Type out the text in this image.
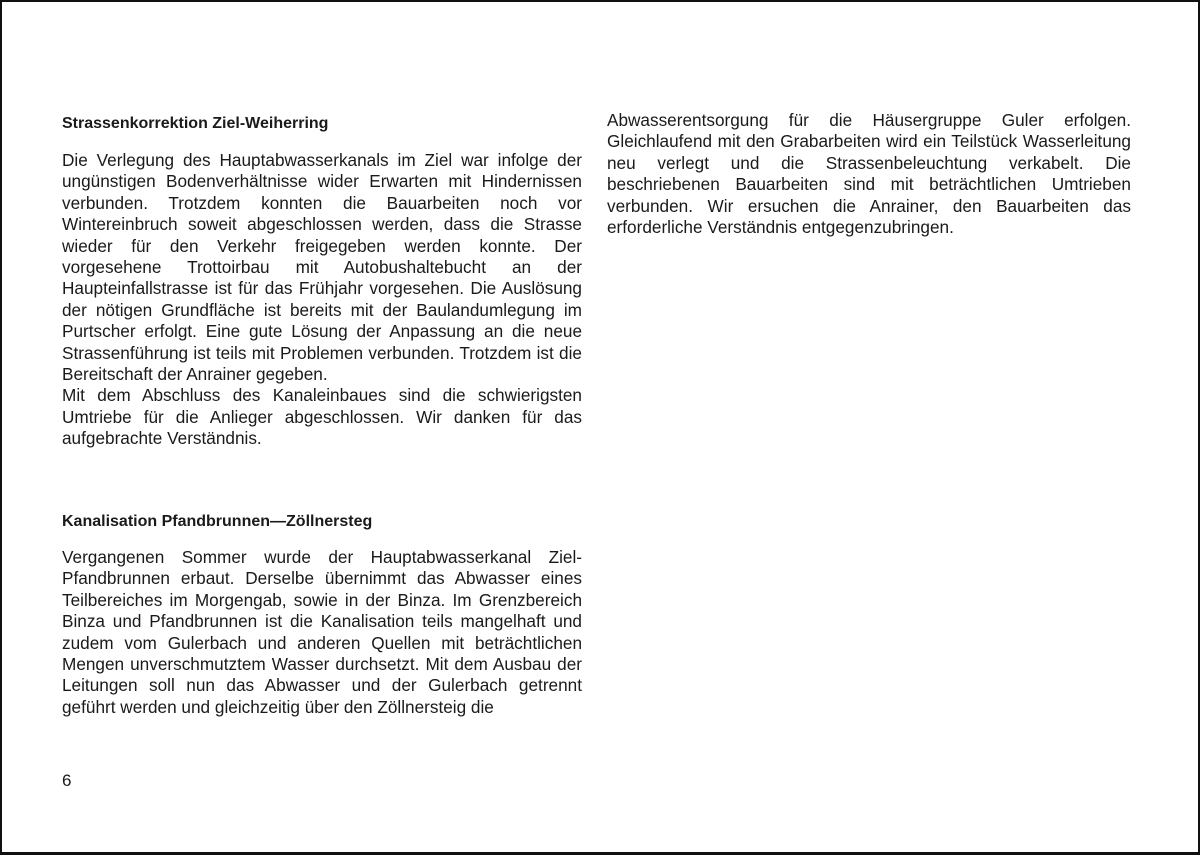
Strassenkorrektion Ziel-Weiherring

Die Verlegung des Hauptabwasserkanals im Ziel war infolge der ungünstigen Bodenverhältnisse wider Erwarten mit Hindernissen verbunden. Trotzdem konnten die Bauarbeiten noch vor Wintereinbruch soweit abgeschlossen werden, dass die Strasse wieder für den Verkehr freigegeben werden konnte. Der vorgesehene Trottoirbau mit Autobushaltebucht an der Haupteinfallstrasse ist für das Frühjahr vorgesehen. Die Auslösung der nötigen Grundfläche ist bereits mit der Baulandumlegung im Purtscher erfolgt. Eine gute Lösung der Anpassung an die neue Strassenführung ist teils mit Problemen verbunden. Trotzdem ist die Bereitschaft der Anrainer gegeben.

Mit dem Abschluss des Kanaleinbaues sind die schwierigsten Umtriebe für die Anlieger abgeschlossen. Wir danken für das aufgebrachte Verständnis.

Kanalisation Pfandbrunnen—Zöllnersteg

Vergangenen Sommer wurde der Hauptabwasserkanal Ziel-Pfandbrunnen erbaut. Derselbe übernimmt das Abwasser eines Teilbereiches im Morgengab, sowie in der Binza. Im Grenzbereich Binza und Pfandbrunnen ist die Kanalisation teils mangelhaft und zudem vom Gulerbach und anderen Quellen mit beträchtlichen Mengen unverschmutztem Wasser durchsetzt. Mit dem Ausbau der Leitungen soll nun das Abwasser und der Gulerbach getrennt geführt werden und gleichzeitig über den Zöllnersteig die

Abwasserentsorgung für die Häusergruppe Guler erfolgen. Gleichlaufend mit den Grabarbeiten wird ein Teilstück Wasserleitung neu verlegt und die Strassenbeleuchtung verkabelt. Die beschriebenen Bauarbeiten sind mit beträchtlichen Umtrieben verbunden. Wir ersuchen die Anrainer, den Bauarbeiten das erforderliche Verständnis entgegenzubringen.

6
